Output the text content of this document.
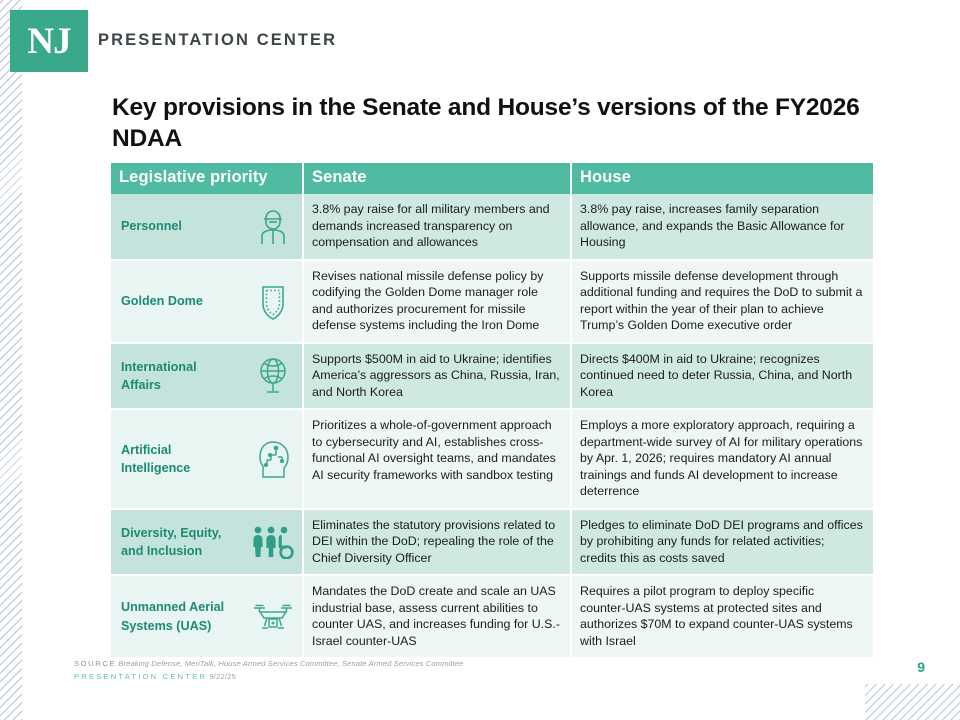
NJ PRESENTATION CENTER
Key provisions in the Senate and House’s versions of the FY2026 NDAA
Legislative priority	Senate	House

Personnel	3.8% pay raise for all military members and demands increased transparency on compensation and allowances	3.8% pay raise, increases family separation allowance, and expands the Basic Allowance for Housing

Golden Dome	Revises national missile defense policy by codifying the Golden Dome manager role and authorizes procurement for missile defense systems including the Iron Dome	Supports missile defense development through additional funding and requires the DoD to submit a report within the year of their plan to achieve Trump’s Golden Dome executive order

International Affairs	Supports $500M in aid to Ukraine; identifies America’s aggressors as China, Russia, Iran, and North Korea	Directs $400M in aid to Ukraine; recognizes continued need to deter Russia, China, and North Korea

Artificial Intelligence	Prioritizes a whole-of-government approach to cybersecurity and AI, establishes cross-functional AI oversight teams, and mandates AI security frameworks with sandbox testing	Employs a more exploratory approach, requiring a department-wide survey of AI for military operations by Apr. 1, 2026; requires mandatory AI annual trainings and funds AI development to increase deterrence

Diversity, Equity, and Inclusion	Eliminates the statutory provisions related to DEI within the DoD; repealing the role of the Chief Diversity Officer	Pledges to eliminate DoD DEI programs and offices by prohibiting any funds for related activities; credits this as costs saved

Unmanned Aerial Systems (UAS)	Mandates the DoD create and scale an UAS industrial base, assess current abilities to counter UAS, and increases funding for U.S.-Israel counter-UAS	Requires a pilot program to deploy specific counter-UAS systems at protected sites and authorizes $70M to expand counter-UAS systems with Israel
SOURCE Breaking Defense, MeriTalk, House Armed Services Committee, Senate Armed Services Committee
PRESENTATION CENTER 9/22/25
9
